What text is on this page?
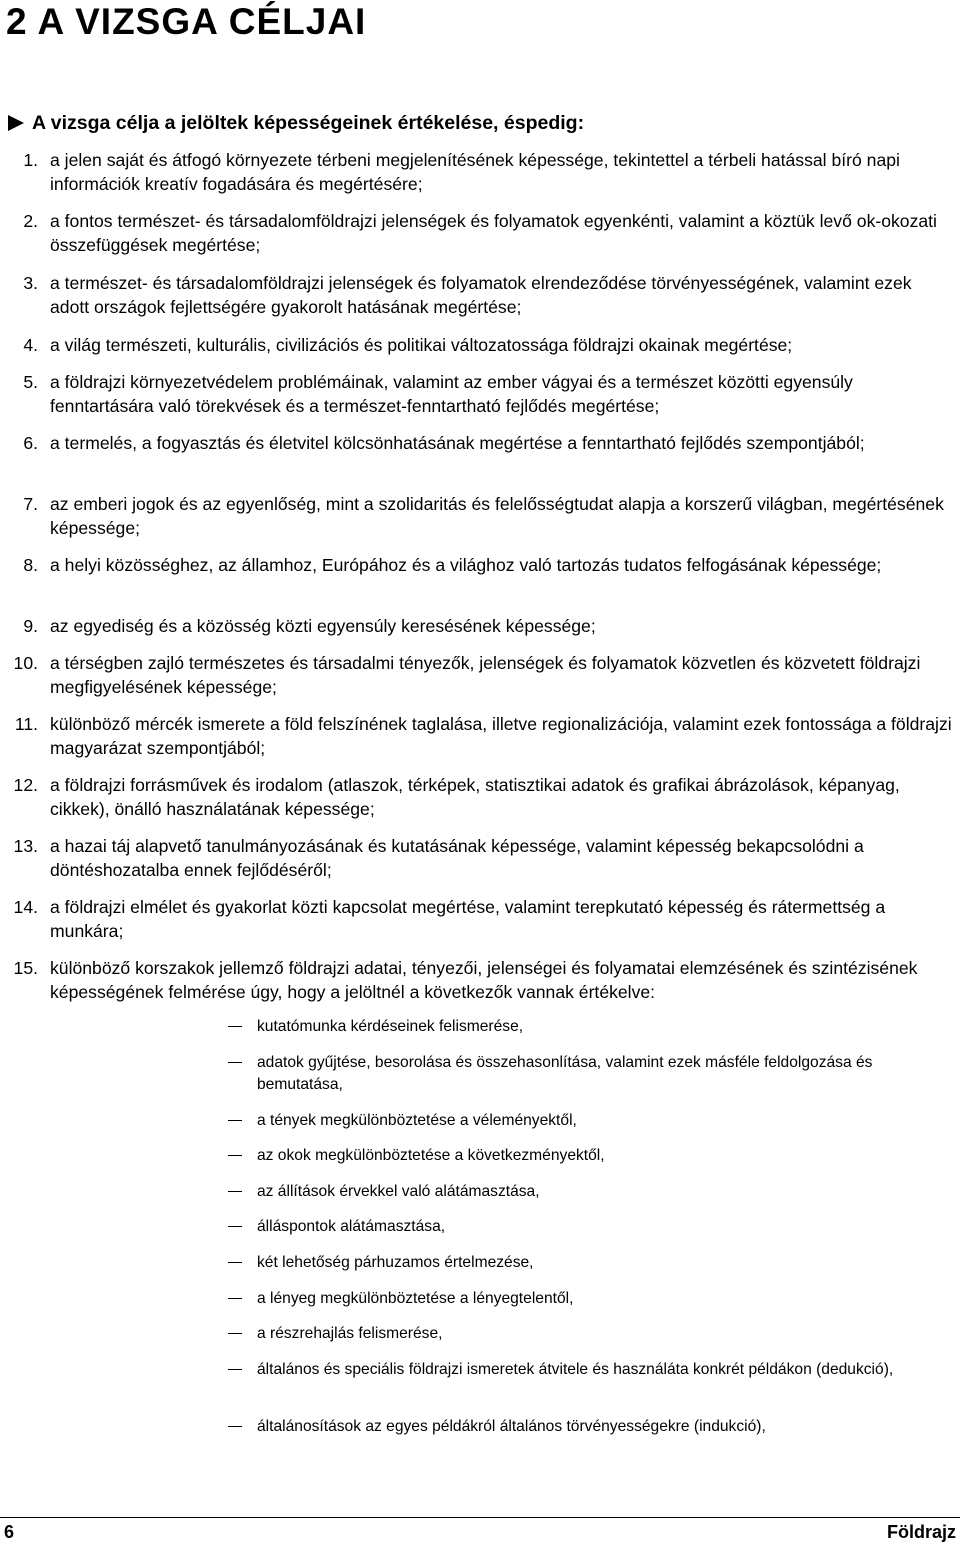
2 A VIZSGA CÉLJAI

A vizsga célja a jelöltek képességeinek értékelése, éspedig:

1. a jelen saját és átfogó környezete térbeni megjelenítésének képessége, tekintettel a térbeli hatással bíró napi információk kreatív fogadására és megértésére;
2. a fontos természet- és társadalomföldrajzi jelenségek és folyamatok egyenkénti, valamint a köztük levő ok-okozati összefüggések megértése;
3. a természet- és társadalomföldrajzi jelenségek és folyamatok elrendeződése törvényességének, valamint ezek adott országok fejlettségére gyakorolt hatásának megértése;
4. a világ természeti, kulturális, civilizációs és politikai változatossága földrajzi okainak megértése;
5. a földrajzi környezetvédelem problémáinak, valamint az ember vágyai és a természet közötti egyensúly fenntartására való törekvések és a természet-fenntartható fejlődés megértése;
6. a termelés, a fogyasztás és életvitel kölcsönhatásának megértése a fenntartható fejlődés szempontjából;
7. az emberi jogok és az egyenlőség, mint a szolidaritás és felelősségtudat alapja a korszerű világban, megértésének képessége;
8. a helyi közösséghez, az államhoz, Európához és a világhoz való tartozás tudatos felfogásának képessége;
9. az egyediség és a közösség közti egyensúly keresésének képessége;
10. a térségben zajló természetes és társadalmi tényezők, jelenségek és folyamatok közvetlen és közvetett földrajzi megfigyelésének képessége;
11. különböző mércék ismerete a föld felszínének taglalása, illetve regionalizációja, valamint ezek fontossága a földrajzi magyarázat szempontjából;
12. a földrajzi forrásművek és irodalom (atlaszok, térképek, statisztikai adatok és grafikai ábrázolások, képanyag, cikkek), önálló használatának képessége;
13. a hazai táj alapvető tanulmányozásának és kutatásának képessége, valamint képesség bekapcsolódni a döntéshozatalba ennek fejlődéséről;
14. a földrajzi elmélet és gyakorlat közti kapcsolat megértése, valamint terepkutató képesség és rátermettség a munkára;
15. különböző korszakok jellemző földrajzi adatai, tényezői, jelenségei és folyamatai elemzésének és szintézisének képességének felmérése úgy, hogy a jelöltnél a következők vannak értékelve:
kutatómunka kérdéseinek felismerése,
adatok gyűjtése, besorolása és összehasonlítása, valamint ezek másféle feldolgozása és bemutatása,
a tények megkülönböztetése a véleményektől,
az okok megkülönböztetése a következményektől,
az állítások érvekkel való alátámasztása,
álláspontok alátámasztása,
két lehetőség párhuzamos értelmezése,
a lényeg megkülönböztetése a lényegtelentől,
a részrehajlás felismerése,
általános és speciális földrajzi ismeretek átvitele és használáta konkrét példákon (dedukció),
általánosítások az egyes példákról általános törvényességekre (indukció),
6	Földrajz
